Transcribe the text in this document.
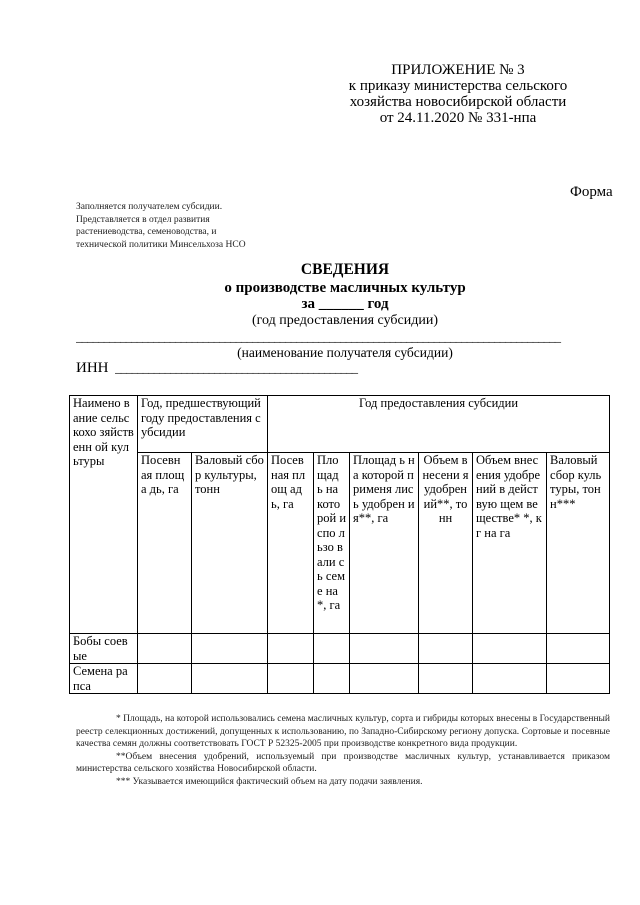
ПРИЛОЖЕНИЕ № 3
к приказу министерства сельского
хозяйства новосибирской области
от 24.11.2020 № 331-нпа
Форма
Заполняется получателем субсидии.
Представляется в отдел развития
растениеводства, семеноводства, и
технической политики Минсельхоза НСО
СВЕДЕНИЯ
о производстве масличных культур
за ______ год
(год предоставления субсидии)
________________________________________________________________________________________
(наименование получателя субсидии)
ИНН ____________________________________________
Наимено вание сельскохо зяйственн ой культуры	Год, предшествующий году предоставления субсидии		Год предоставления субсидии					
	Посевн ая площа дь, га	Валовый сбор культуры, тонн	Посев ная площ адь, га	Пло щад ь на кото рой испо льзо вали сь семе на*, га	Площад ь на которой применя лись удобрен ия**, га	Объем внесени я удобрен ий**, тонн	Объем внесения удобрений в действую щем веществе* *, кг на га	Валовый сбор культуры, тонн***
Бобы соевые								
Семена рапса								

* Площадь, на которой использовались семена масличных культур, сорта и гибриды которых внесены в Государственный реестр селекционных достижений, допущенных к использованию, по Западно-Сибирскому региону допуска. Сортовые и посевные качества семян должны соответствовать ГОСТ Р 52325-2005 при производстве конкретного вида продукции.

**Объем внесения удобрений, используемый при производстве масличных культур, устанавливается приказом министерства сельского хозяйства Новосибирской области.

*** Указывается имеющийся фактический объем на дату подачи заявления.
